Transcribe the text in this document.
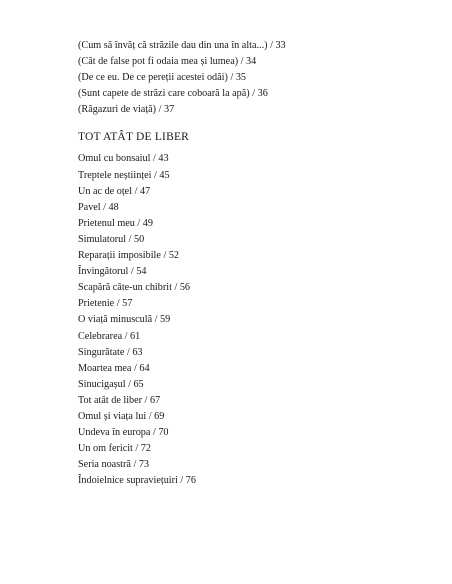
(Cum să învăț că străzile dau din una în alta...) / 33
(Cât de false pot fi odaia mea și lumea) / 34
(De ce eu. De ce pereții acestei odăi) / 35
(Sunt capete de străzi care coboară la apă) / 36
(Răgazuri de viață) / 37
TOT ATÂT DE LIBER
Omul cu bonsaiul / 43
Treptele neștiinței / 45
Un ac de oțel / 47
Pavel / 48
Prietenul meu / 49
Simulatorul / 50
Reparații imposibile / 52
Învingătorul / 54
Scapără câte-un chibrit / 56
Prietenie / 57
O viață minusculă / 59
Celebrarea / 61
Singurătate / 63
Moartea mea / 64
Sinucigașul / 65
Tot atât de liber / 67
Omul și viața lui / 69
Undeva în europa / 70
Un om fericit / 72
Seria noastră / 73
Îndoielnice supraviețuiri / 76
